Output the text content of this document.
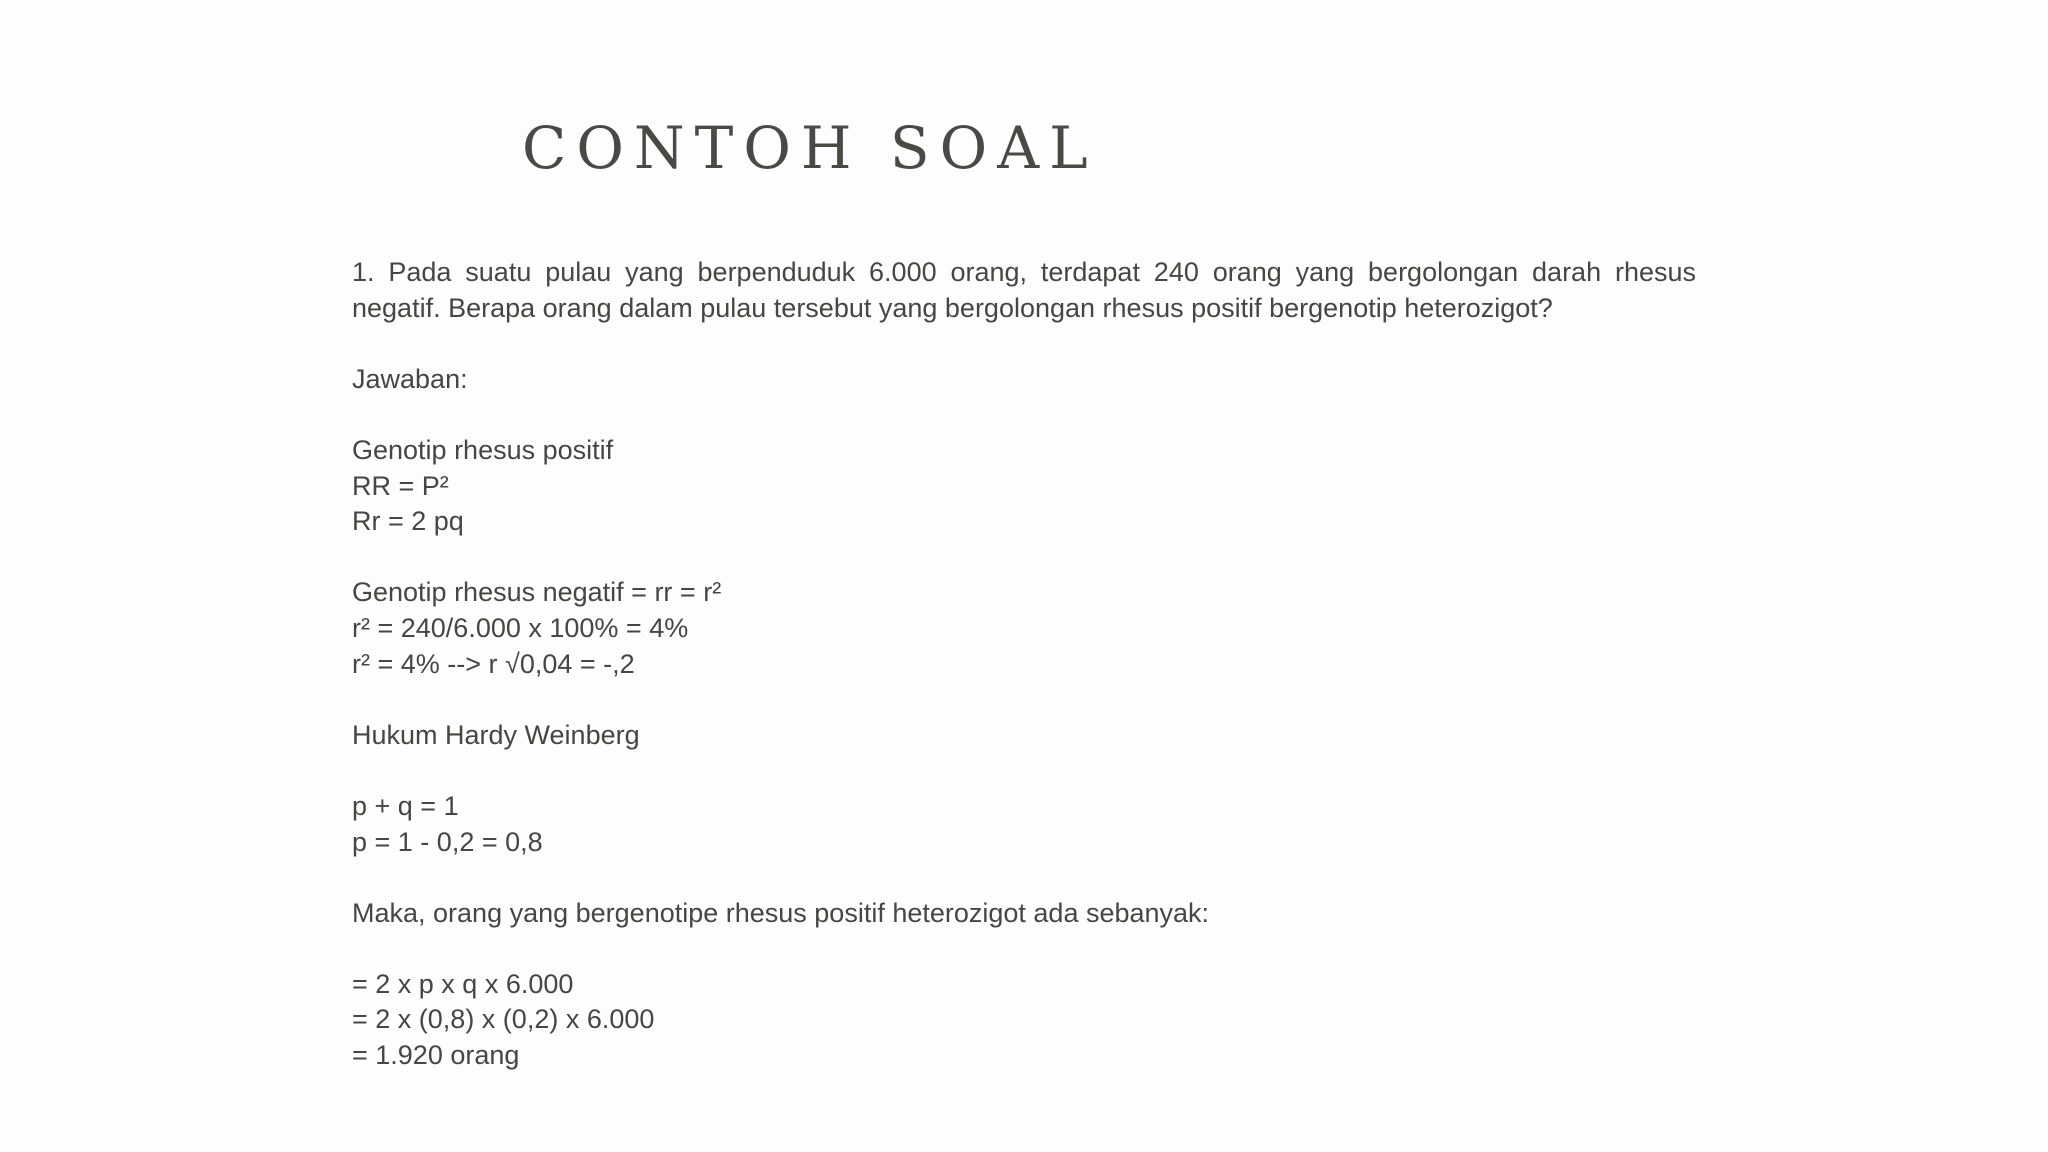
CONTOH SOAL

1. Pada suatu pulau yang berpenduduk 6.000 orang, terdapat 240 orang yang bergolongan darah rhesus negatif. Berapa orang dalam pulau tersebut yang bergolongan rhesus positif bergenotip heterozigot?

Jawaban:

Genotip rhesus positif

RR = P²

Rr = 2 pq

Genotip rhesus negatif = rr = r²

r² = 240/6.000 x 100% = 4%

r² = 4% --> r √0,04 = -,2

Hukum Hardy Weinberg

p + q = 1

p = 1 - 0,2 = 0,8

Maka, orang yang bergenotipe rhesus positif heterozigot ada sebanyak:

= 2 x p x q x 6.000

= 2 x (0,8) x (0,2) x 6.000

= 1.920 orang
